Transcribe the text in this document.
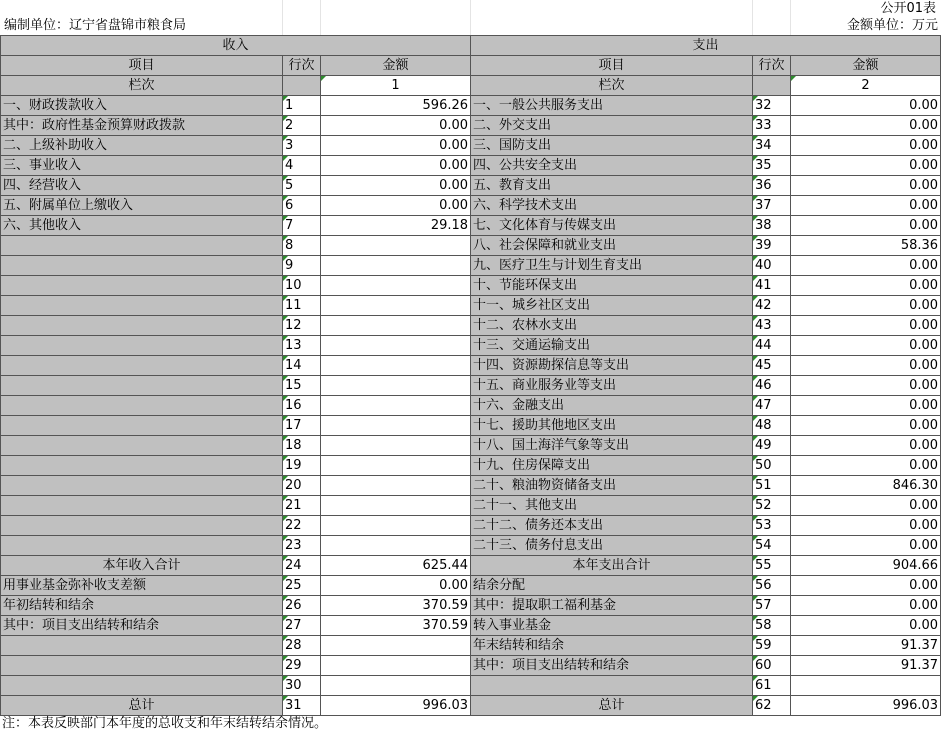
公开01表
编制单位：辽宁省盘锦市粮食局	金额单位：万元
收入			支出		
项目	行次	金额	项目	行次	金额
栏次		1	栏次		2
一、财政拨款收入	1	596.26	一、一般公共服务支出	32	0.00
其中：政府性基金预算财政拨款	2	0.00	二、外交支出	33	0.00
二、上级补助收入	3	0.00	三、国防支出	34	0.00
三、事业收入	4	0.00	四、公共安全支出	35	0.00
四、经营收入	5	0.00	五、教育支出	36	0.00
五、附属单位上缴收入	6	0.00	六、科学技术支出	37	0.00
六、其他收入	7	29.18	七、文化体育与传媒支出	38	0.00
	8		八、社会保障和就业支出	39	58.36
	9		九、医疗卫生与计划生育支出	40	0.00
	10		十、节能环保支出	41	0.00
	11		十一、城乡社区支出	42	0.00
	12		十二、农林水支出	43	0.00
	13		十三、交通运输支出	44	0.00
	14		十四、资源勘探信息等支出	45	0.00
	15		十五、商业服务业等支出	46	0.00
	16		十六、金融支出	47	0.00
	17		十七、援助其他地区支出	48	0.00
	18		十八、国土海洋气象等支出	49	0.00
	19		十九、住房保障支出	50	0.00
	20		二十、粮油物资储备支出	51	846.30
	21		二十一、其他支出	52	0.00
	22		二十二、债务还本支出	53	0.00
	23		二十三、债务付息支出	54	0.00
本年收入合计	24	625.44	本年支出合计	55	904.66
用事业基金弥补收支差额	25	0.00	结余分配	56	0.00
年初结转和结余	26	370.59	其中：提取职工福利基金	57	0.00
其中：项目支出结转和结余	27	370.59	转入事业基金	58	0.00
	28		年末结转和结余	59	91.37
	29		其中：项目支出结转和结余	60	91.37
	30			61	
总计	31	996.03	总计	62	996.03
注：本表反映部门本年度的总收支和年末结转结余情况。
